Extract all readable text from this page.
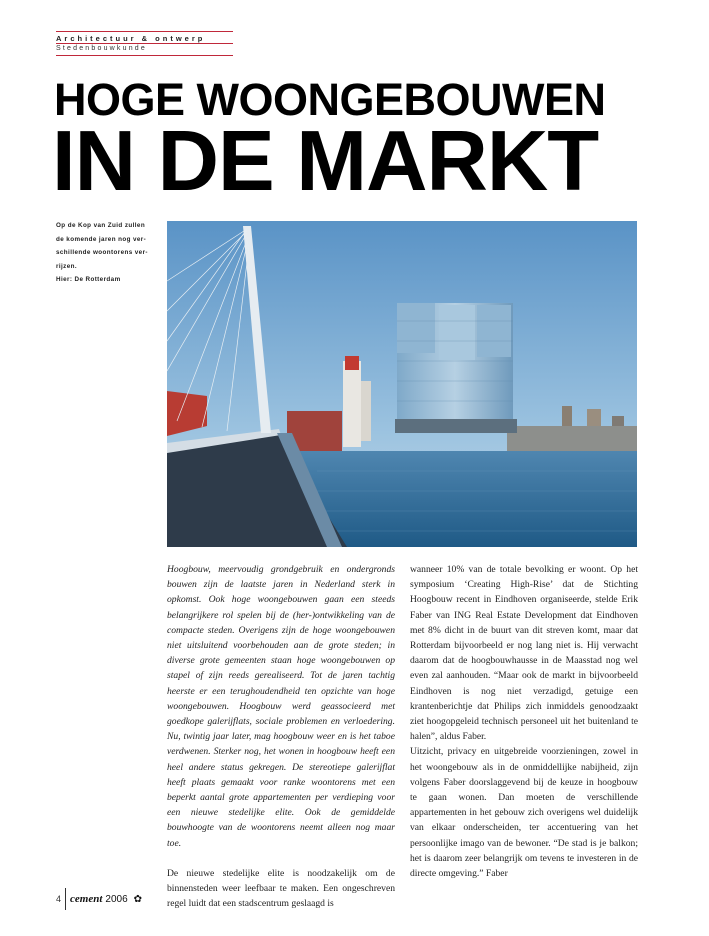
Architectuur & ontwerp
Stedenbouwkunde
HOGE WOONGEBOUWEN
IN DE MARKT
Op de Kop van Zuid zullen
de komende jaren nog ver-
schillende woontorens ver-
rijzen.
Hier: De Rotterdam

Hoogbouw, meervoudig grondgebruik en ondergronds bouwen zijn de laatste jaren in Nederland sterk in opkomst. Ook hoge woongebouwen gaan een steeds belangrijkere rol spelen bij de (her-)ontwikkeling van de compacte steden. Overigens zijn de hoge woongebouwen niet uitsluitend voorbehouden aan de grote steden; in diverse grote gemeenten staan hoge woongebouwen op stapel of zijn reeds gerealiseerd. Tot de jaren tachtig heerste er een terughoudendheid ten opzichte van hoge woongebouwen. Hoogbouw werd geassocieerd met goedkope galerijflats, sociale problemen en verloedering. Nu, twintig jaar later, mag hoogbouw weer en is het taboe verdwenen. Sterker nog, het wonen in hoogbouw heeft een heel andere status gekregen. De stereotiepe galerijflat heeft plaats gemaakt voor ranke woontorens met een beperkt aantal grote appartementen per verdieping voor een nieuwe stedelijke elite. Ook de gemiddelde bouwhoogte van de woontorens neemt alleen nog maar toe.

De nieuwe stedelijke elite is noodzakelijk om de binnensteden weer leefbaar te maken. Een ongeschreven regel luidt dat een stadscentrum geslaagd is

wanneer 10% van de totale bevolking er woont. Op het symposium ‘Creating High-Rise’ dat de Stichting Hoogbouw recent in Eindhoven organiseerde, stelde Erik Faber van ING Real Estate Development dat Eindhoven met 8% dicht in de buurt van dit streven komt, maar dat Rotterdam bijvoorbeeld er nog lang niet is. Hij verwacht daarom dat de hoogbouwhausse in de Maasstad nog wel even zal aanhouden. “Maar ook de markt in bijvoorbeeld Eindhoven is nog niet verzadigd, getuige een krantenberichtje dat Philips zich inmiddels genoodzaakt ziet hoogopgeleid technisch personeel uit het buitenland te halen”, aldus Faber.

Uitzicht, privacy en uitgebreide voorzieningen, zowel in het woongebouw als in de onmiddellijke nabijheid, zijn volgens Faber doorslaggevend bij de keuze in hoogbouw te gaan wonen. Dan moeten de verschillende appartementen in het gebouw zich overigens wel duidelijk van elkaar onderscheiden, ter accentuering van het persoonlijke imago van de bewoner. “De stad is je balkon; het is daarom zeer belangrijk om tevens te investeren in de directe omgeving.” Faber

4 cement 2006 ✿
